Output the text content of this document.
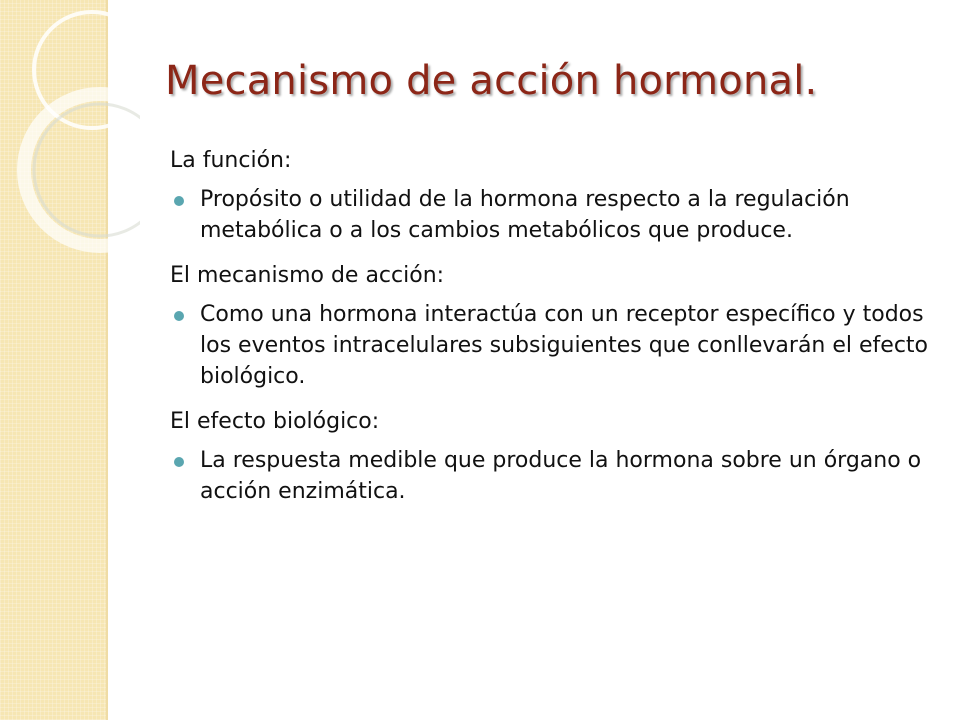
Mecanismo de acción hormonal.

La función:

Propósito o utilidad de la hormona respecto a la regulación metabólica o a los cambios metabólicos que produce.

El mecanismo de acción:

Como una hormona interactúa con un receptor específico y todos los eventos intracelulares subsiguientes que conllevarán el efecto biológico.

El efecto biológico:

La respuesta medible que produce la hormona sobre un órgano o acción enzimática.
